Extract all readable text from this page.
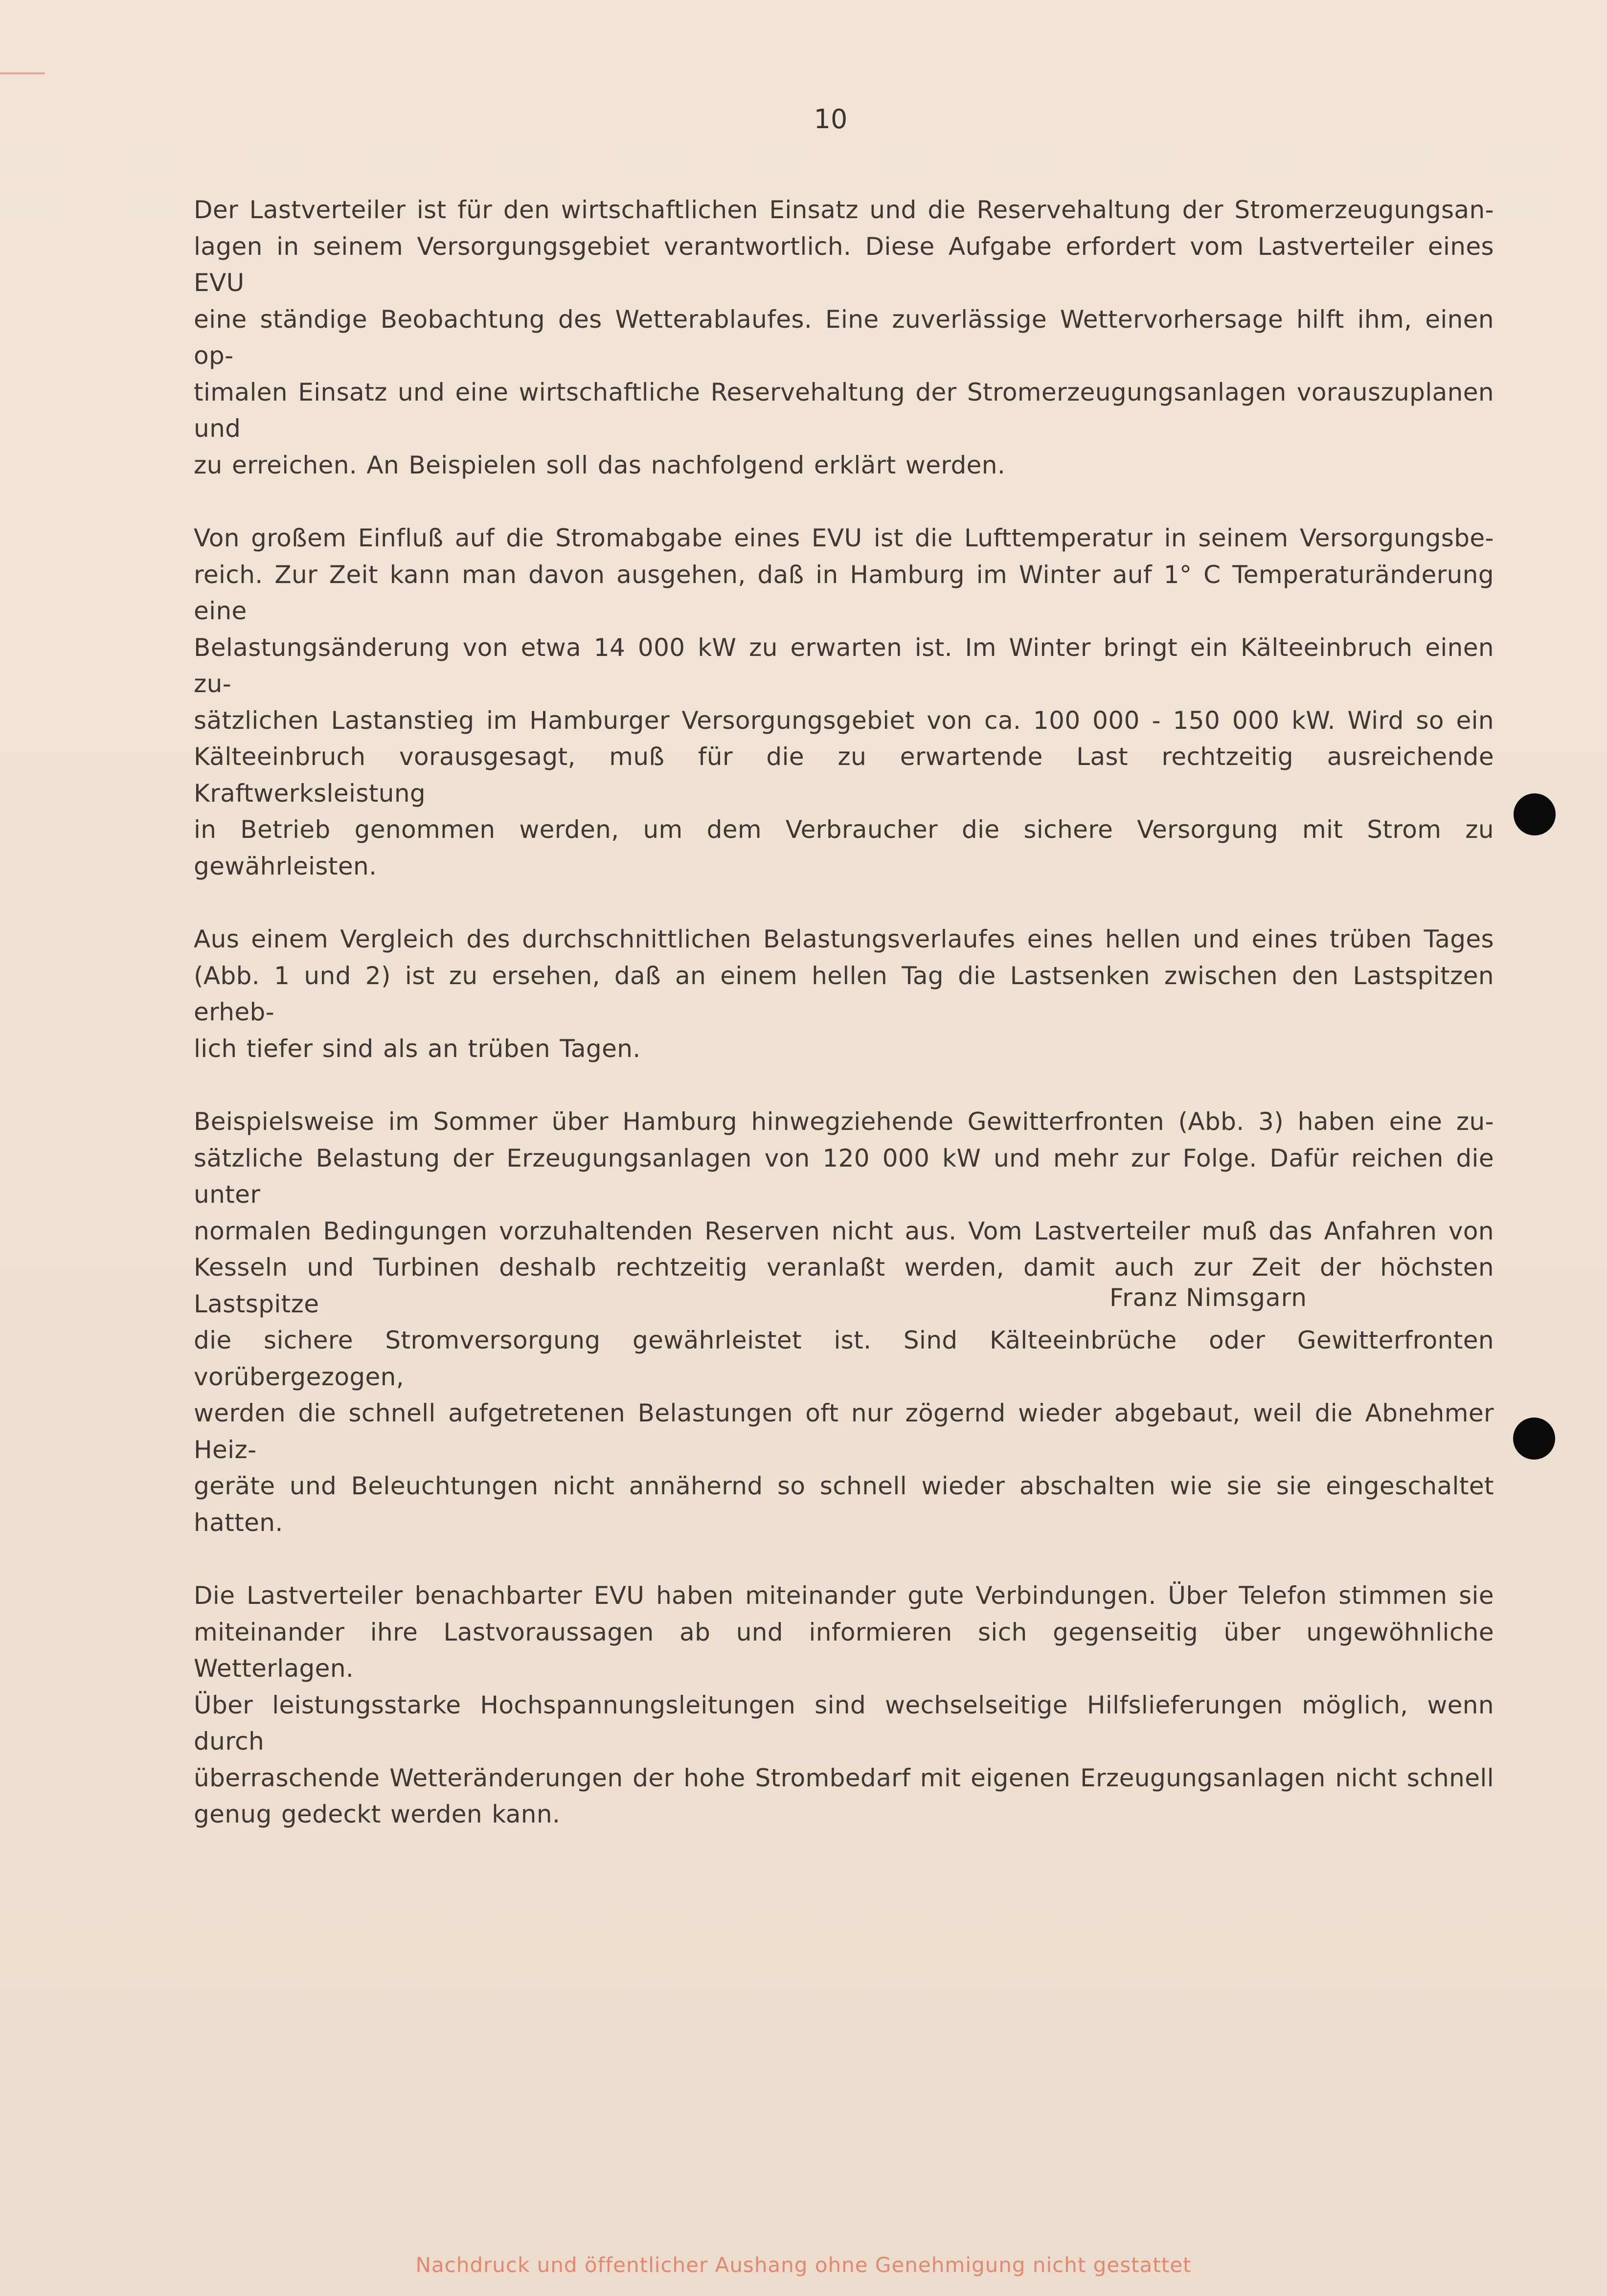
10

Der Lastverteiler ist für den wirtschaftlichen Einsatz und die Reservehaltung der Stromerzeugungsan-
lagen in seinem Versorgungsgebiet verantwortlich. Diese Aufgabe erfordert vom Lastverteiler eines EVU
eine ständige Beobachtung des Wetterablaufes. Eine zuverlässige Wettervorhersage hilft ihm, einen op-
timalen Einsatz und eine wirtschaftliche Reservehaltung der Stromerzeugungsanlagen vorauszuplanen und
zu erreichen. An Beispielen soll das nachfolgend erklärt werden.

Von großem Einfluß auf die Stromabgabe eines EVU ist die Lufttemperatur in seinem Versorgungsbe-
reich. Zur Zeit kann man davon ausgehen, daß in Hamburg im Winter auf 1° C Temperaturänderung eine
Belastungsänderung von etwa 14 000 kW zu erwarten ist. Im Winter bringt ein Kälteeinbruch einen zu-
sätzlichen Lastanstieg im Hamburger Versorgungsgebiet von ca. 100 000 - 150 000 kW. Wird so ein
Kälteeinbruch vorausgesagt, muß für die zu erwartende Last rechtzeitig ausreichende Kraftwerksleistung
in Betrieb genommen werden, um dem Verbraucher die sichere Versorgung mit Strom zu gewährleisten.

Aus einem Vergleich des durchschnittlichen Belastungsverlaufes eines hellen und eines trüben Tages
(Abb. 1 und 2) ist zu ersehen, daß an einem hellen Tag die Lastsenken zwischen den Lastspitzen erheb-
lich tiefer sind als an trüben Tagen.

Beispielsweise im Sommer über Hamburg hinwegziehende Gewitterfronten (Abb. 3) haben eine zu-
sätzliche Belastung der Erzeugungsanlagen von 120 000 kW und mehr zur Folge. Dafür reichen die unter
normalen Bedingungen vorzuhaltenden Reserven nicht aus. Vom Lastverteiler muß das Anfahren von
Kesseln und Turbinen deshalb rechtzeitig veranlaßt werden, damit auch zur Zeit der höchsten Lastspitze
die sichere Stromversorgung gewährleistet ist. Sind Kälteeinbrüche oder Gewitterfronten vorübergezogen,
werden die schnell aufgetretenen Belastungen oft nur zögernd wieder abgebaut, weil die Abnehmer Heiz-
geräte und Beleuchtungen nicht annähernd so schnell wieder abschalten wie sie sie eingeschaltet hatten.

Die Lastverteiler benachbarter EVU haben miteinander gute Verbindungen. Über Telefon stimmen sie
miteinander ihre Lastvoraussagen ab und informieren sich gegenseitig über ungewöhnliche Wetterlagen.
Über leistungsstarke Hochspannungsleitungen sind wechselseitige Hilfslieferungen möglich, wenn durch
überraschende Wetteränderungen der hohe Strombedarf mit eigenen Erzeugungsanlagen nicht schnell
genug gedeckt werden kann.

Franz Nimsgarn
Nachdruck und öffentlicher Aushang ohne Genehmigung nicht gestattet
